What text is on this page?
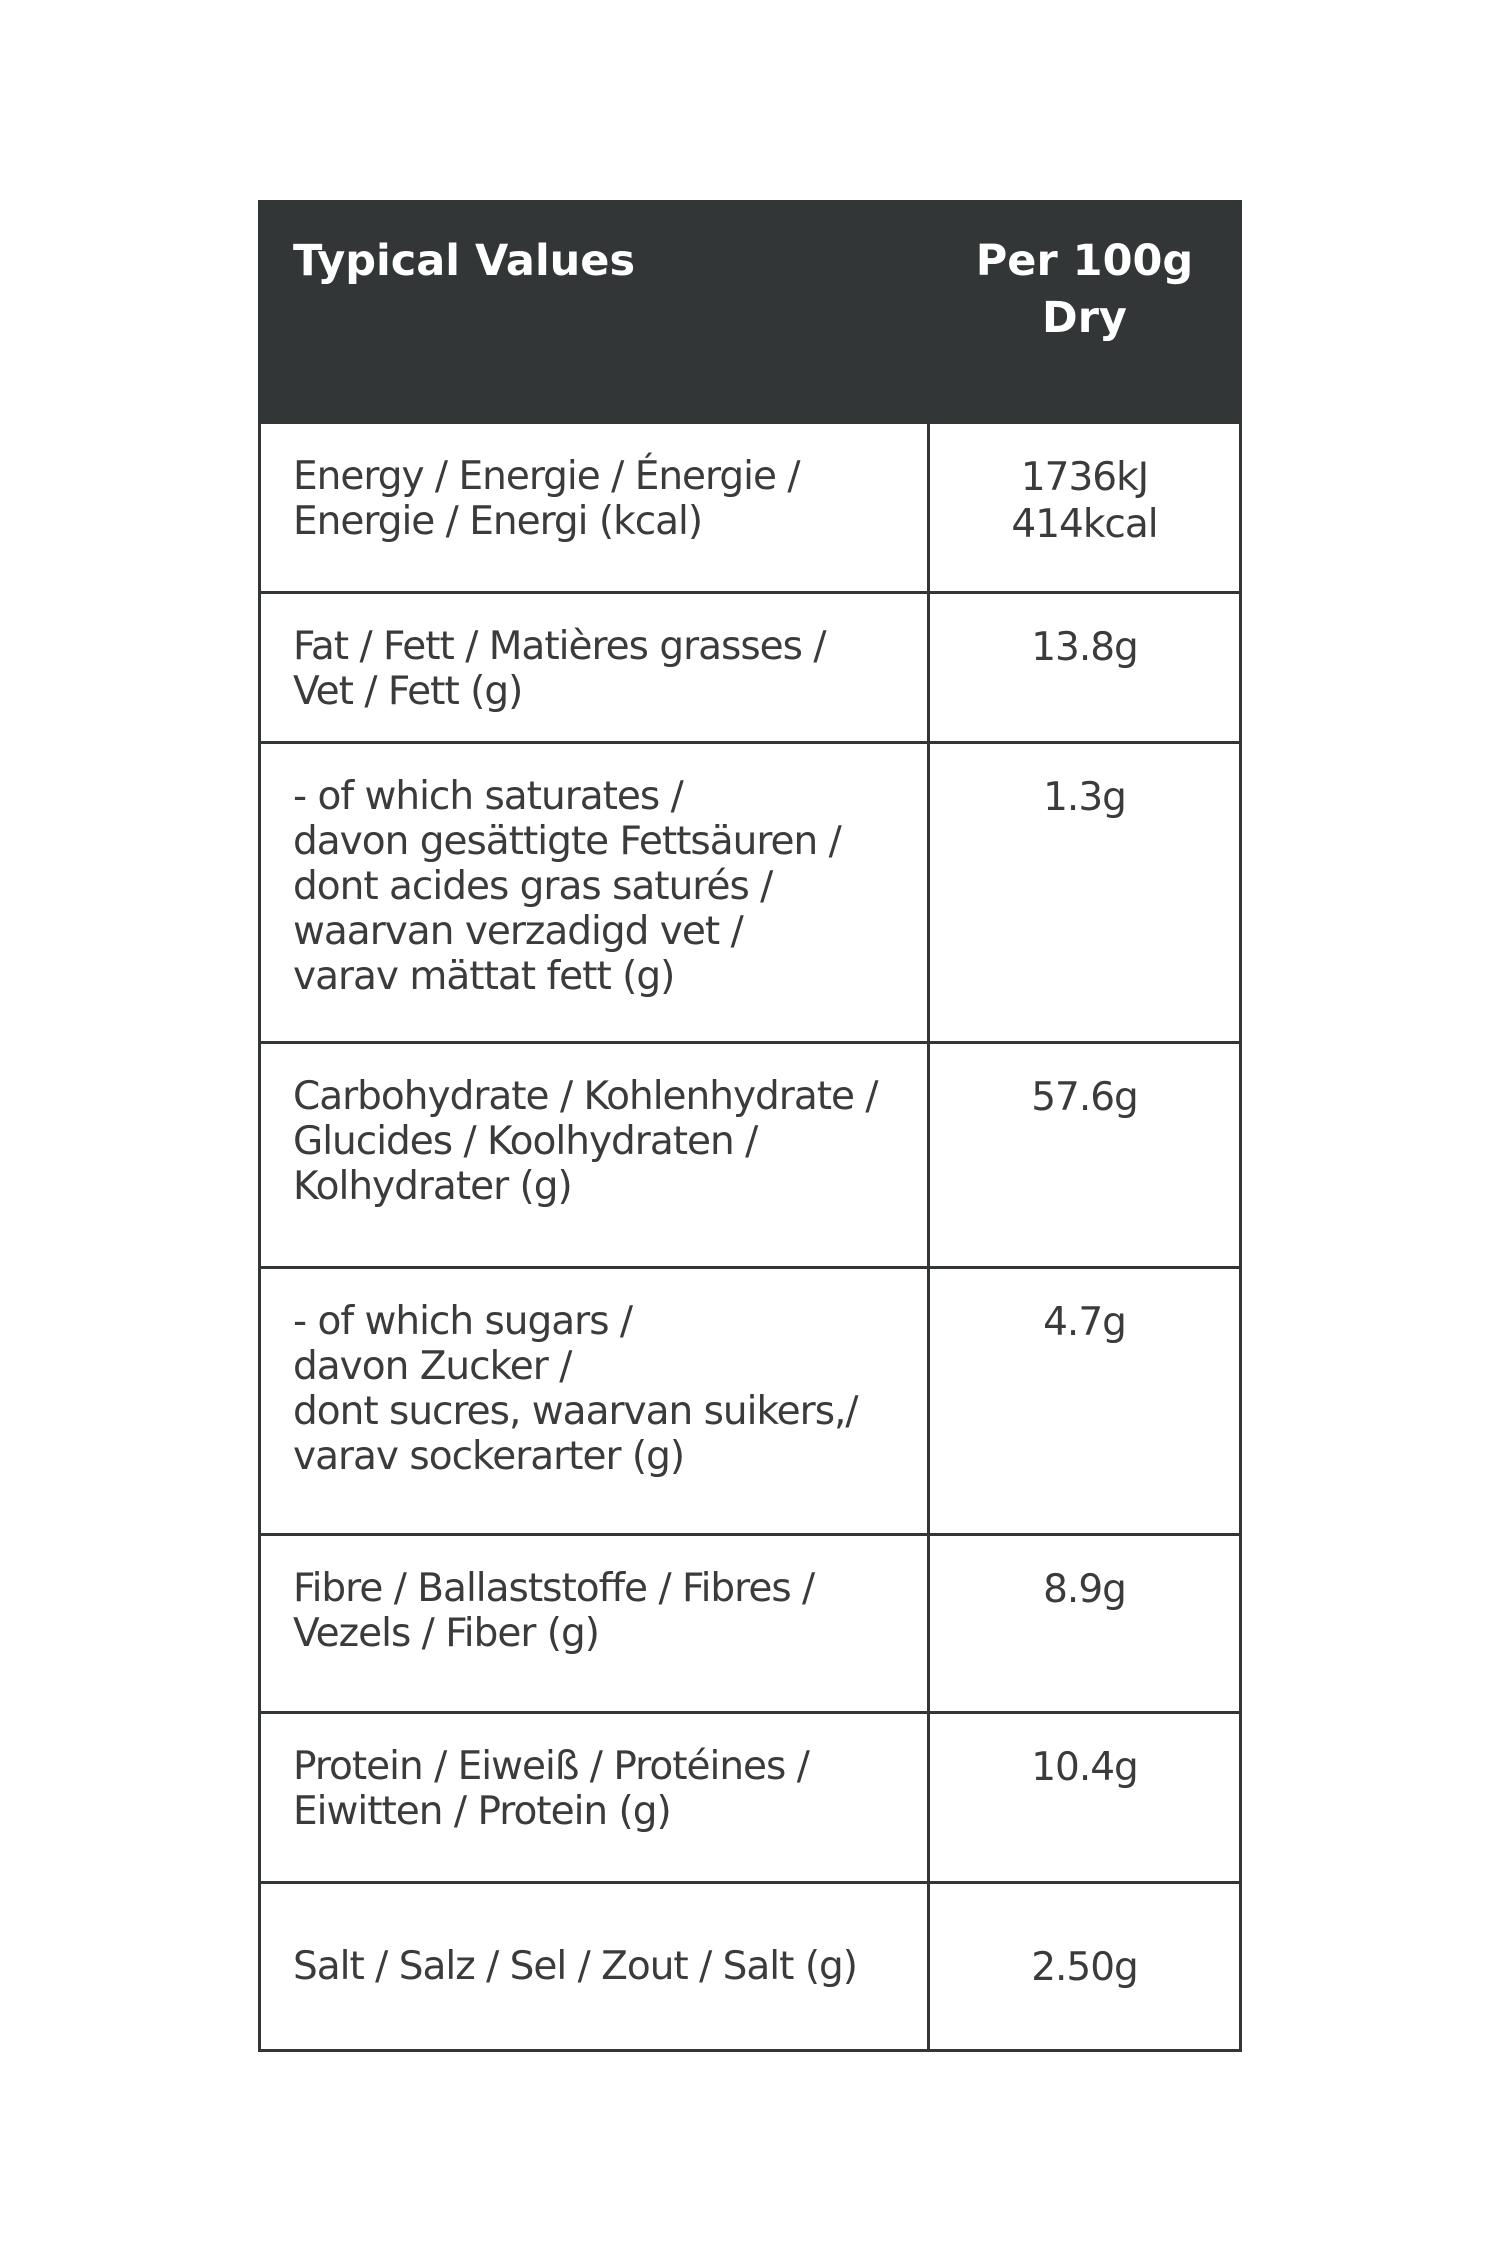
Typical Values	Per 100g
Dry
Energy / Energie / Énergie /
Energie / Energi (kcal)
1736kJ
414kcal
Fat / Fett / Matières grasses /
Vet / Fett (g)
13.8g
- of which saturates /
davon gesättigte Fettsäuren /
dont acides gras saturés /
waarvan verzadigd vet /
varav mättat fett (g)
1.3g
Carbohydrate / Kohlenhydrate /
Glucides / Koolhydraten /
Kolhydrater (g)
57.6g
- of which sugars /
davon Zucker /
dont sucres, waarvan suikers,/
varav sockerarter (g)
4.7g
Fibre / Ballaststoffe / Fibres /
Vezels / Fiber (g)
8.9g
Protein / Eiweiß / Protéines /
Eiwitten / Protein (g)
10.4g
Salt / Salz / Sel / Zout / Salt (g)	2.50g
